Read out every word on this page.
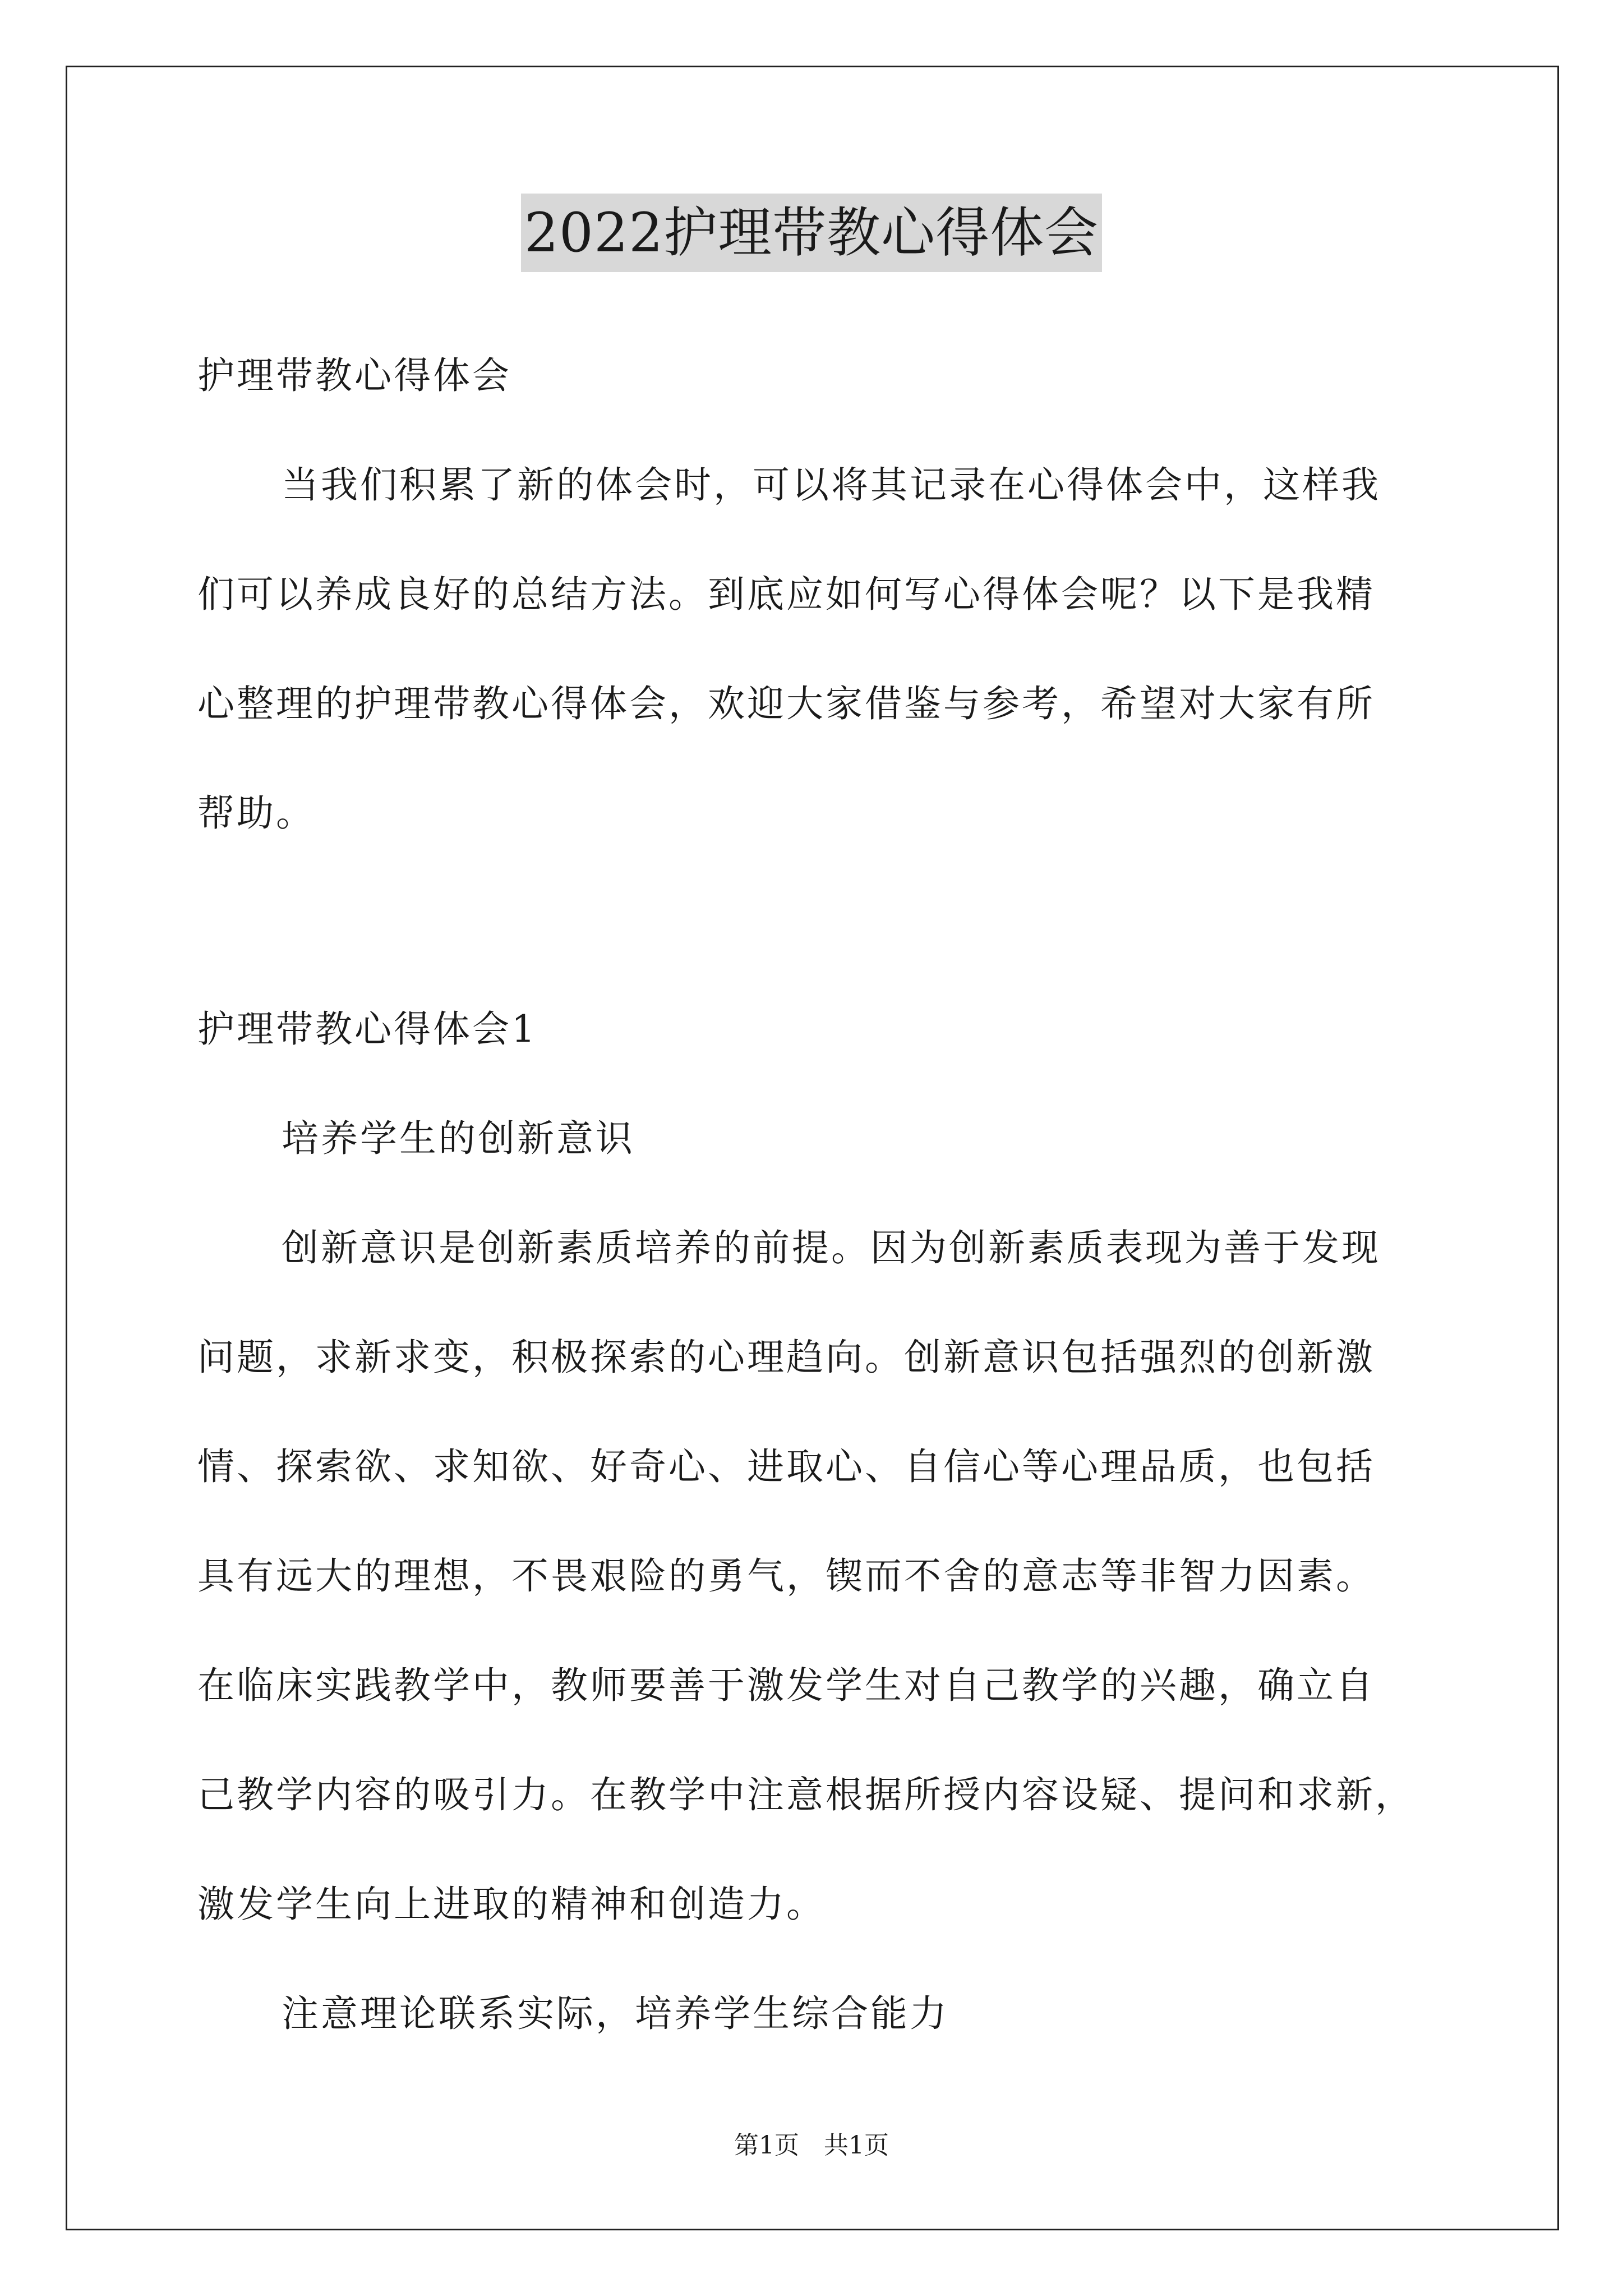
2022护理带教心得体会
护理带教心得体会
当我们积累了新的体会时，可以将其记录在心得体会中，这样我
们可以养成良好的总结方法。到底应如何写心得体会呢？以下是我精
心整理的护理带教心得体会，欢迎大家借鉴与参考，希望对大家有所
帮助。
护理带教心得体会1
培养学生的创新意识
创新意识是创新素质培养的前提。因为创新素质表现为善于发现
问题，求新求变，积极探索的心理趋向。创新意识包括强烈的创新激
情、探索欲、求知欲、好奇心、进取心、自信心等心理品质，也包括
具有远大的理想，不畏艰险的勇气，锲而不舍的意志等非智力因素。
在临床实践教学中，教师要善于激发学生对自己教学的兴趣，确立自
己教学内容的吸引力。在教学中注意根据所授内容设疑、提问和求新，
激发学生向上进取的精神和创造力。
注意理论联系实际，培养学生综合能力
第1页　共1页
